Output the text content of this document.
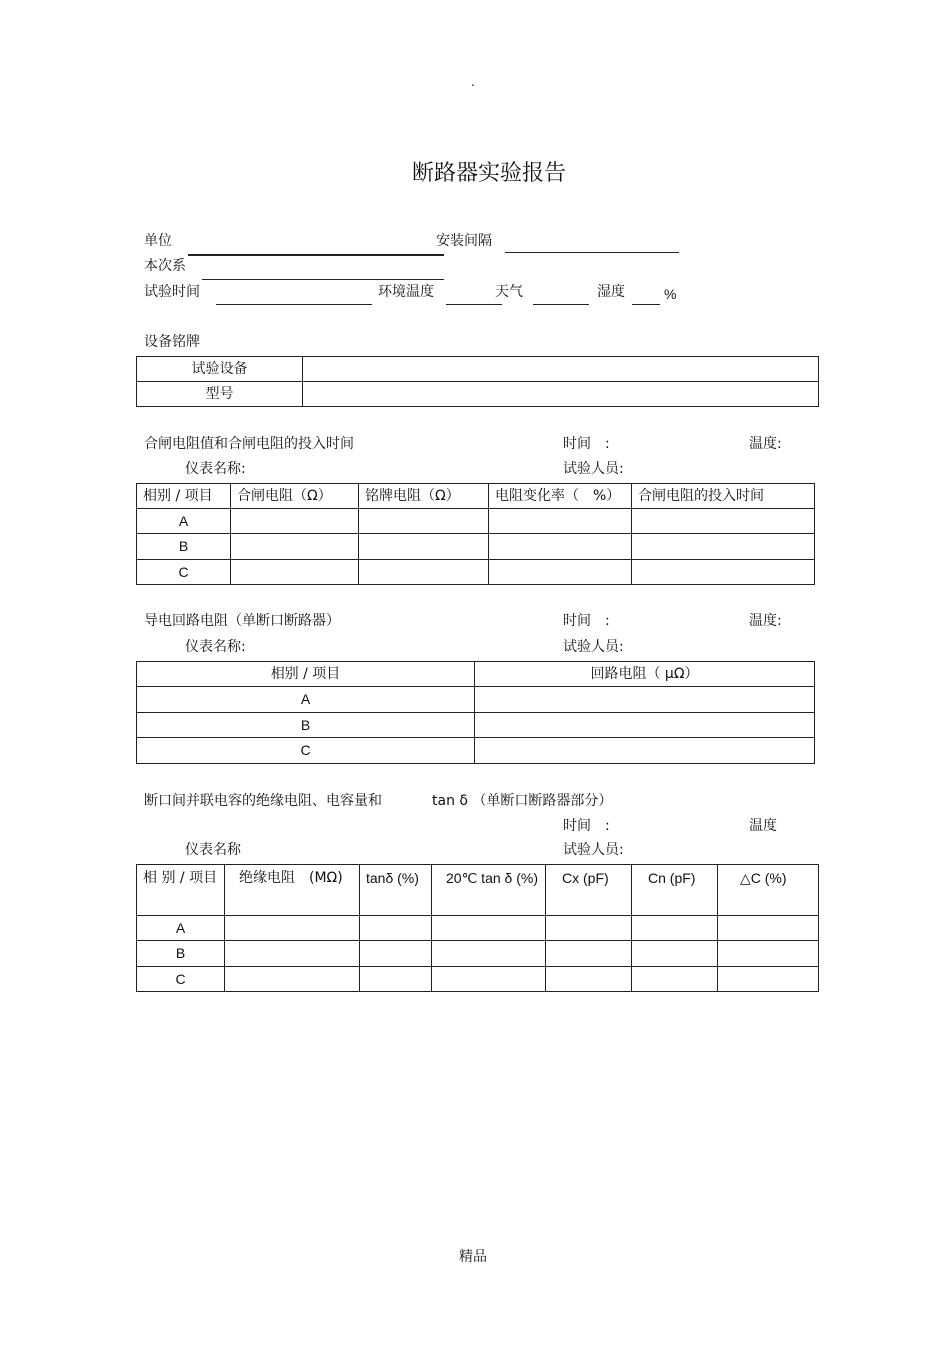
.
断路器实验报告
单位	安装间隔
本次系
试验时间	环境温度	天气	湿度	%
设备铭牌
试验设备	
型号	
合闸电阻值和合闸电阻的投入时间	时间　:	温度:
仪表名称:	试验人员:
相别 / 项目	合闸电阻（Ω）	铭牌电阻（Ω）	电阻变化率（　%）	合闸电阻的投入时间
A				
B				
C				
导电回路电阻（单断口断路器）	时间　:	温度:
仪表名称:	试验人员:
相别 / 项目	回路电阻（ μΩ）
A	
B	
C	
断口间并联电容的绝缘电阻、电容量和	tan δ （单断口断路器部分）
时间　:	温度
仪表名称	试验人员:
相 别 / 项目	绝缘电阻　(MΩ)	tanδ (%)	20℃ tan δ (%)	Cx (pF)	Cn (pF)	△C (%)
A						
B						
C						
精品
